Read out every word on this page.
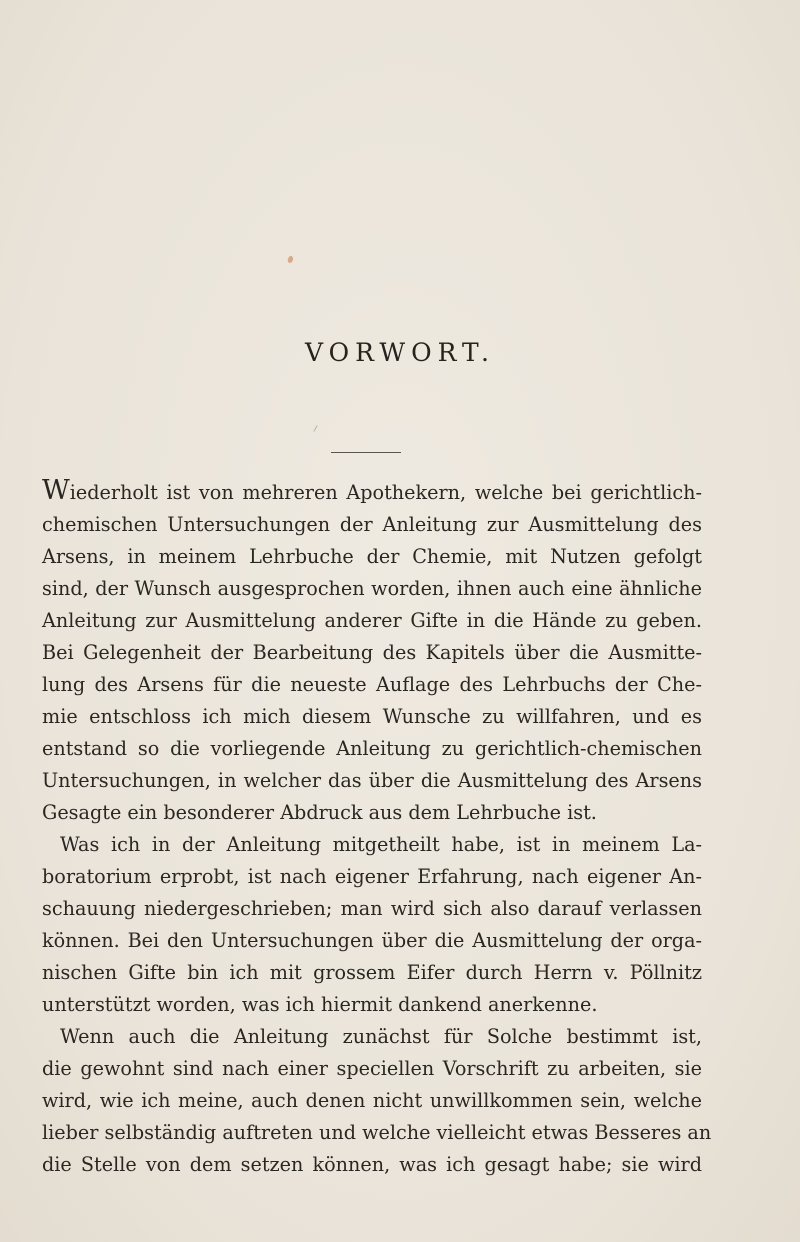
VORWORT.
Wiederholt ist von mehreren Apothekern, welche bei gerichtlich-
chemischen Untersuchungen der Anleitung zur Ausmittelung des
Arsens, in meinem Lehrbuche der Chemie, mit Nutzen gefolgt
sind, der Wunsch ausgesprochen worden, ihnen auch eine ähnliche
Anleitung zur Ausmittelung anderer Gifte in die Hände zu geben.
Bei Gelegenheit der Bearbeitung des Kapitels über die Ausmitte-
lung des Arsens für die neueste Auflage des Lehrbuchs der Che-
mie entschloss ich mich diesem Wunsche zu willfahren, und es
entstand so die vorliegende Anleitung zu gerichtlich-chemischen
Untersuchungen, in welcher das über die Ausmittelung des Arsens
Gesagte ein besonderer Abdruck aus dem Lehrbuche ist.
Was ich in der Anleitung mitgetheilt habe, ist in meinem La-
boratorium erprobt, ist nach eigener Erfahrung, nach eigener An-
schauung niedergeschrieben; man wird sich also darauf verlassen
können. Bei den Untersuchungen über die Ausmittelung der orga-
nischen Gifte bin ich mit grossem Eifer durch Herrn v. Pöllnitz
unterstützt worden, was ich hiermit dankend anerkenne.
Wenn auch die Anleitung zunächst für Solche bestimmt ist,
die gewohnt sind nach einer speciellen Vorschrift zu arbeiten, sie
wird, wie ich meine, auch denen nicht unwillkommen sein, welche
lieber selbständig auftreten und welche vielleicht etwas Besseres an
die Stelle von dem setzen können, was ich gesagt habe; sie wird
